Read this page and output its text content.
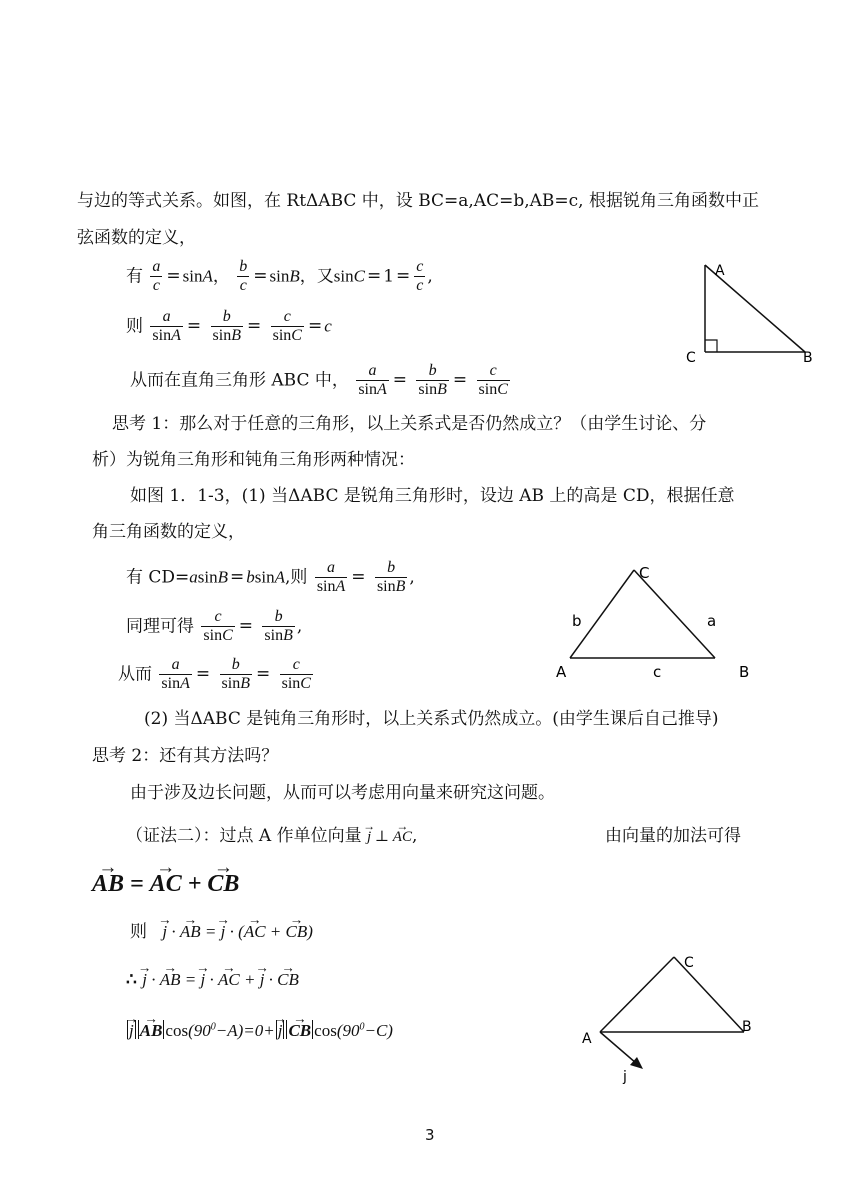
与边的等式关系。如图，在 RtΔABC 中，设 BC=a,AC=b,AB=c, 根据锐角三角函数中正
弦函数的定义，
有 $\frac{a}{c} = \sin A$， $\frac{b}{c} = \sin B$，又$\sin C = 1 = \frac{c}{c}$ ,
则 $\frac{a}{\sin A} = \frac{b}{\sin B} = \frac{c}{\sin C} = c$
从而在直角三角形 ABC 中， $\frac{a}{\sin A} = \frac{b}{\sin B} = \frac{c}{\sin C}$
A
C	B
思考 1：那么对于任意的三角形，以上关系式是否仍然成立？（由学生讨论、分
析）为锐角三角形和钝角三角形两种情况：
如图 1．1-3，(1) 当ΔABC 是锐角三角形时，设边 AB 上的高是 CD，根据任意
角三角函数的定义，
有 CD=asinB = bsinA,则 $\frac{a}{\sin A} = \frac{b}{\sin B}$ ,
同理可得 $\frac{c}{\sin C} = \frac{b}{\sin B}$ ,
从而 $\frac{a}{\sin A} = \frac{b}{\sin B} = \frac{c}{\sin C}$
C
b	a
A	c	B
(2) 当ΔABC 是钝角三角形时，以上关系式仍然成立。(由学生课后自己推导)
思考 2：还有其方法吗？
由于涉及边长问题，从而可以考虑用向量来研究这问题。
（证法二）：过点 A 作单位向量 → j ⊥ → AC,	由向量的加法可得
→ AB = → AC + → CB
则 → j · → AB = → j · (→ AC + → CB)
∴ → j · → AB = → j · → AC + → j · → CB
→ j→ AB $\cos(90^0-A)=0+\to j\to$ CB $\cos(90^0-C)$
C
B
A
j
3
